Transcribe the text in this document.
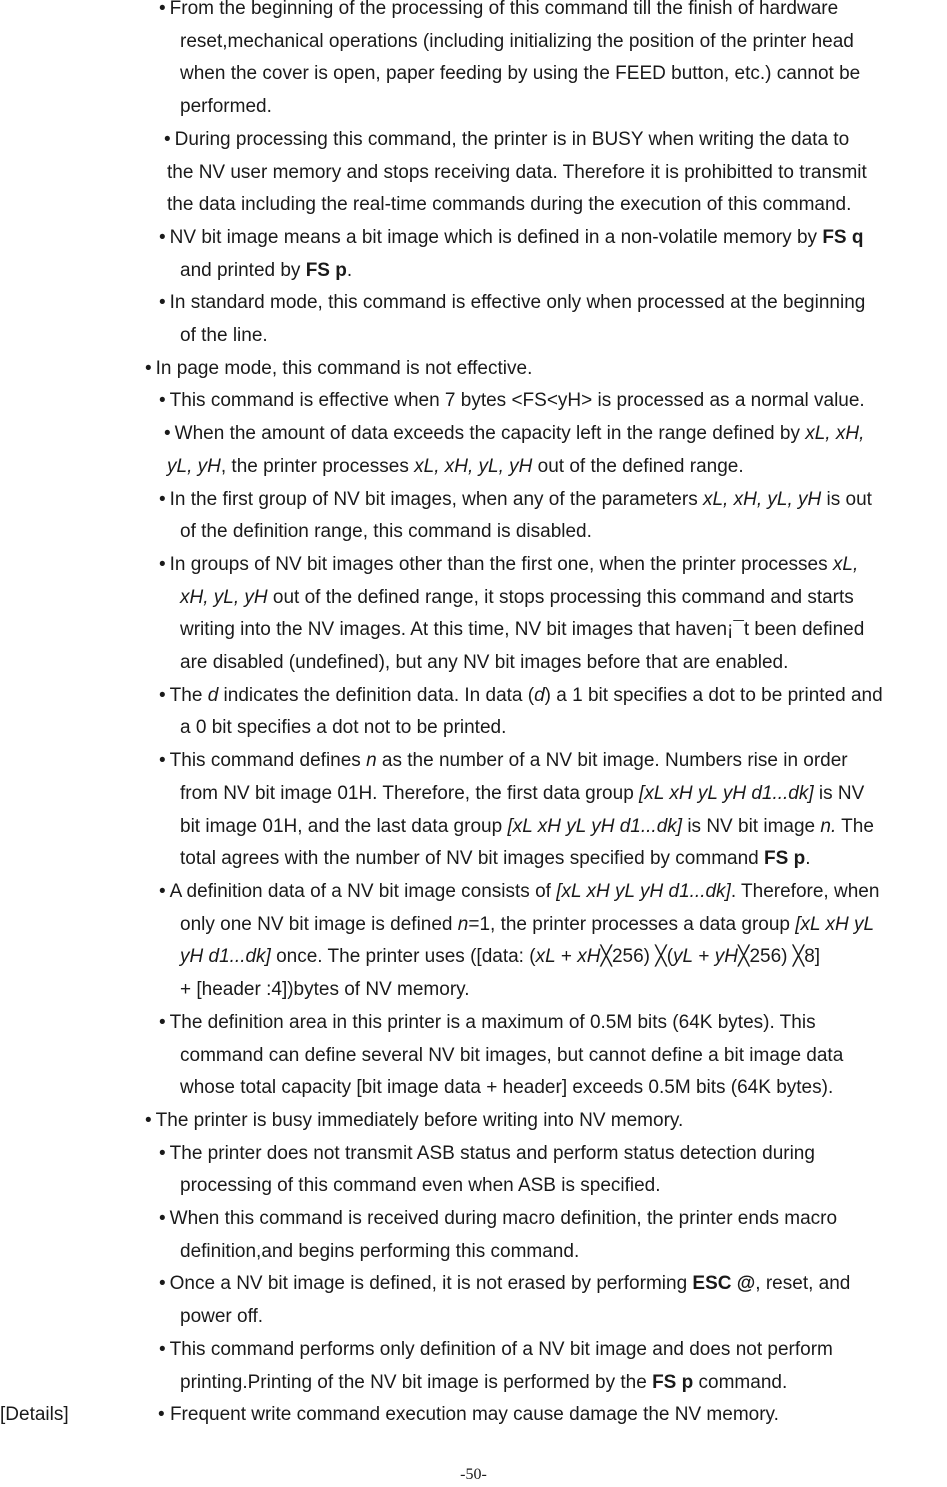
• From the beginning of the processing of this command till the finish of hardware
reset,mechanical operations (including initializing the position of the printer head
when the cover is open, paper feeding by using the FEED button, etc.) cannot be
performed.
• During processing this command, the printer is in BUSY when writing the data to
the NV user memory and stops receiving data. Therefore it is prohibitted to transmit
the data including the real-time commands during the execution of this command.
• NV bit image means a bit image which is defined in a non-volatile memory by FS q
and printed by FS p.
• In standard mode, this command is effective only when processed at the beginning
of the line.
• In page mode, this command is not effective.
• This command is effective when 7 bytes <FS<yH> is processed as a normal value.
• When the amount of data exceeds the capacity left in the range defined by xL, xH,
yL, yH, the printer processes xL, xH, yL, yH out of the defined range.
• In the first group of NV bit images, when any of the parameters xL, xH, yL, yH is out
of the definition range, this command is disabled.
• In groups of NV bit images other than the first one, when the printer processes xL,
xH, yL, yH out of the defined range, it stops processing this command and starts
writing into the NV images. At this time, NV bit images that haven¡¯t been defined
are disabled (undefined), but any NV bit images before that are enabled.
• The d indicates the definition data. In data (d) a 1 bit specifies a dot to be printed and
a 0 bit specifies a dot not to be printed.
• This command defines n as the number of a NV bit image. Numbers rise in order
from NV bit image 01H. Therefore, the first data group [xL xH yL yH d1...dk] is NV
bit image 01H, and the last data group [xL xH yL yH d1...dk] is NV bit image n. The
total agrees with the number of NV bit images specified by command FS p.
• A definition data of a NV bit image consists of [xL xH yL yH d1...dk]. Therefore, when
only one NV bit image is defined n=1, the printer processes a data group [xL xH yL
yH d1...dk] once. The printer uses ([data: (xL + xH╳256) ╳(yL + yH╳256) ╳8]
+ [header :4])bytes of NV memory.
• The definition area in this printer is a maximum of 0.5M bits (64K bytes). This
command can define several NV bit images, but cannot define a bit image data
whose total capacity [bit image data + header] exceeds 0.5M bits (64K bytes).
• The printer is busy immediately before writing into NV memory.
• The printer does not transmit ASB status and perform status detection during
processing of this command even when ASB is specified.
• When this command is received during macro definition, the printer ends macro
definition,and begins performing this command.
• Once a NV bit image is defined, it is not erased by performing ESC @, reset, and
power off.
• This command performs only definition of a NV bit image and does not perform
printing.Printing of the NV bit image is performed by the FS p command.
[Details]	• Frequent write command execution may cause damage the NV memory.
-50-
